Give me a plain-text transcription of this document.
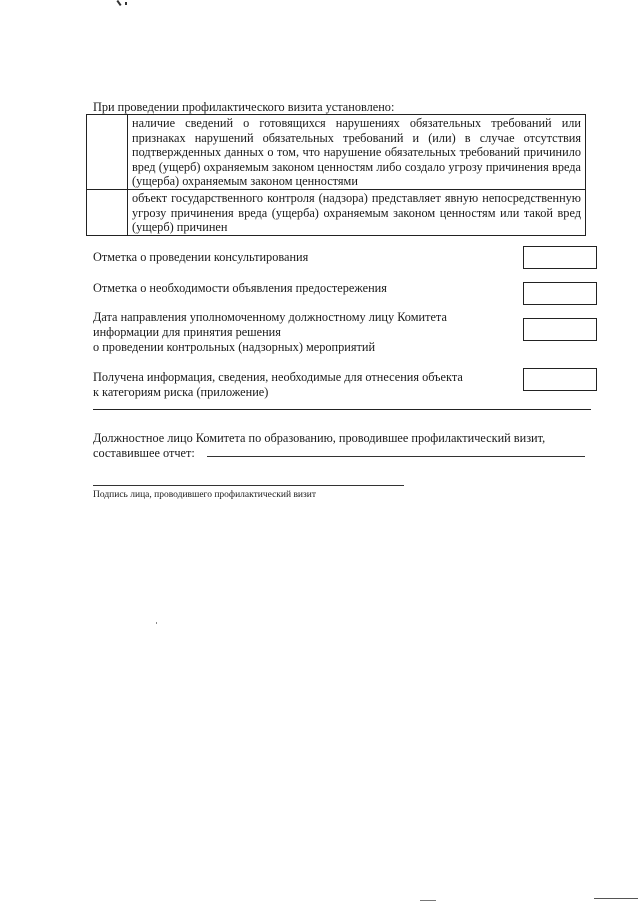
При проведении профилактического визита установлено:
	наличие сведений о готовящихся нарушениях обязательных требований или признаках нарушений обязательных требований и (или) в случае отсутствия подтвержденных данных о том, что нарушение обязательных требований причинило вред (ущерб) охраняемым законом ценностям либо создало угрозу причинения вреда (ущерба) охраняемым законом ценностями
	объект государственного контроля (надзора) представляет явную непосредственную угрозу причинения вреда (ущерба) охраняемым законом ценностям или такой вред (ущерб) причинен
Отметка о проведении консультирования
Отметка о необходимости объявления предостережения
Дата направления уполномоченному должностному лицу Комитета
информации для принятия решения
о проведении контрольных (надзорных) мероприятий
Получена информация, сведения, необходимые для отнесения объекта
к категориям риска (приложение)
Должностное лицо Комитета по образованию, проводившее профилактический визит,
составившее отчет:
Подпись лица, проводившего профилактический визит
